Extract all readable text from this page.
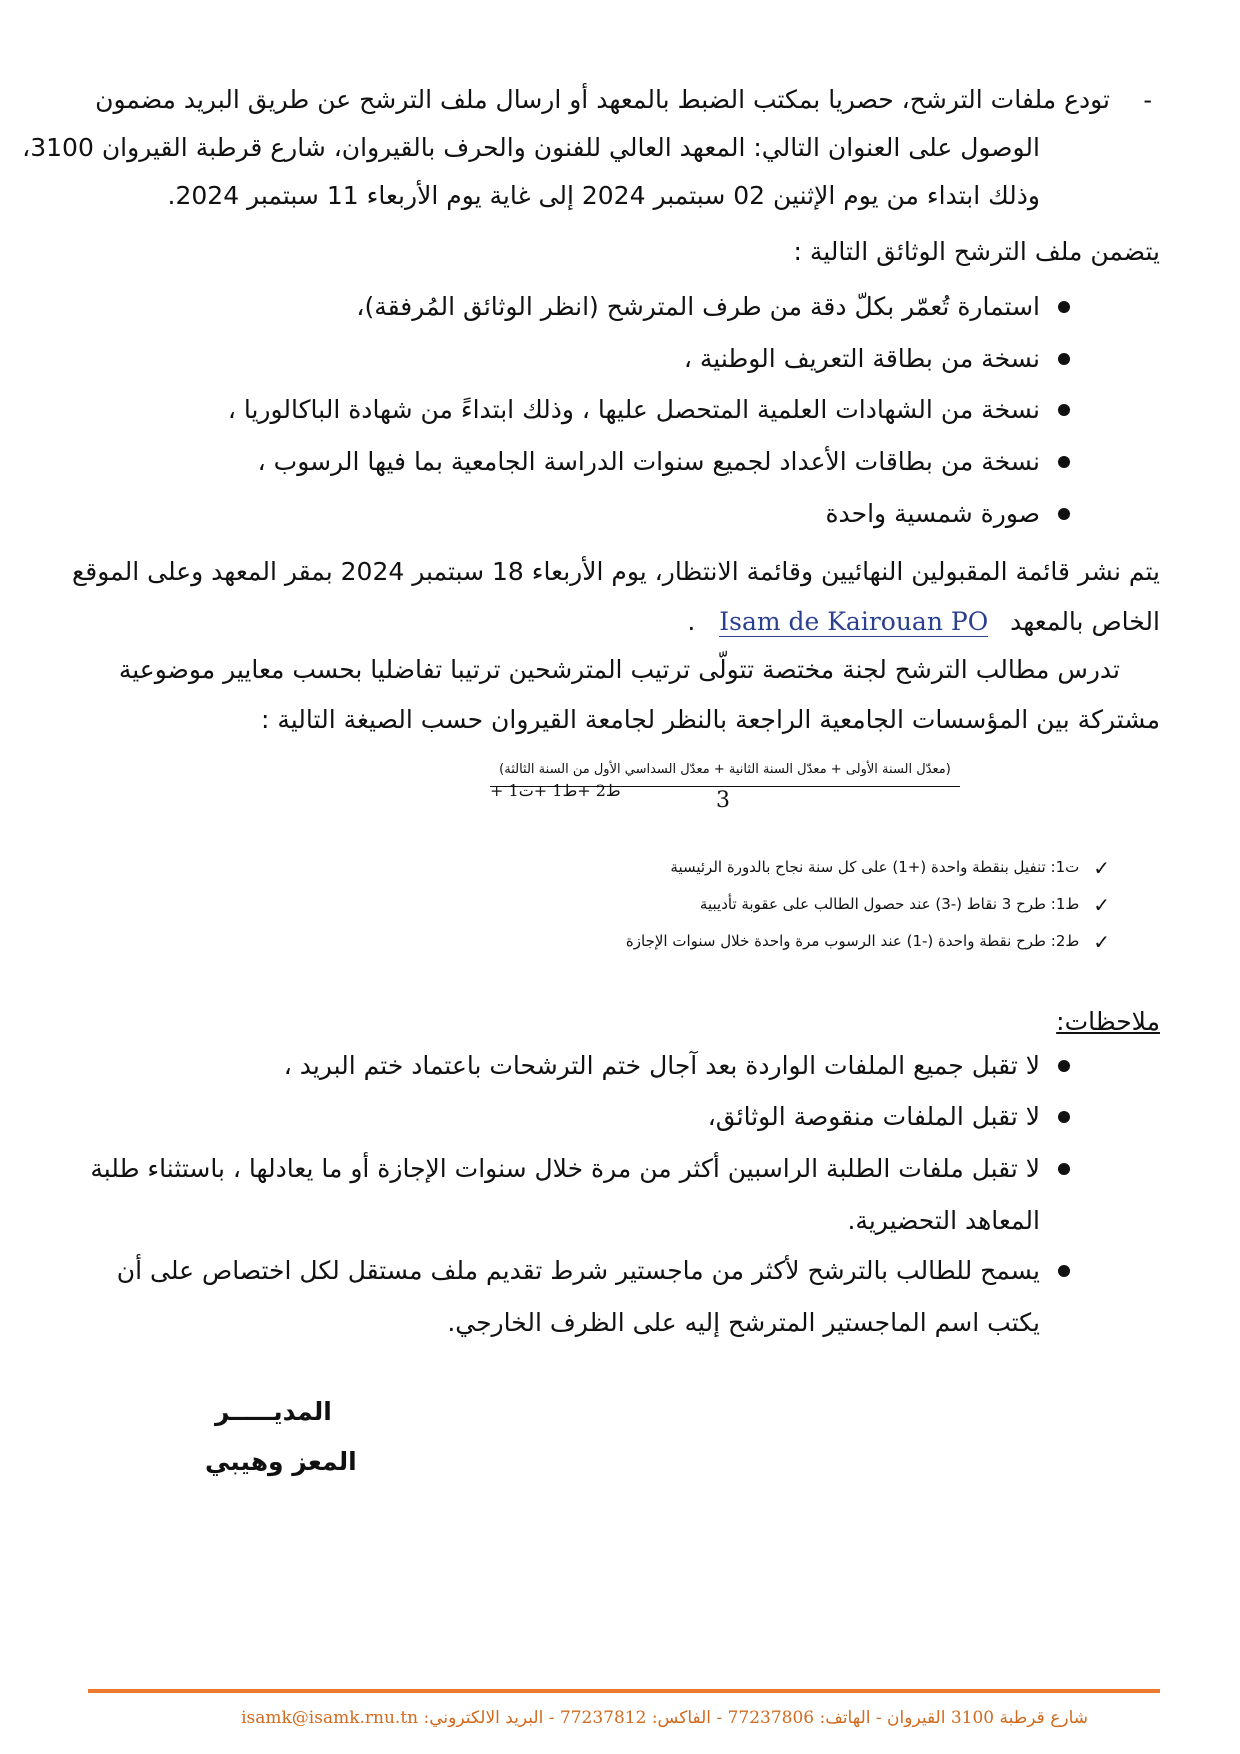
-
تودع ملفات الترشح، حصريا بمكتب الضبط بالمعهد أو ارسال ملف الترشح عن طريق البريد مضمون
الوصول على العنوان التالي: المعهد العالي للفنون والحرف بالقيروان، شارع قرطبة القيروان 3100،
وذلك ابتداء من يوم الإثنين 02 سبتمبر 2024 إلى غاية يوم الأربعاء 11 سبتمبر 2024.
يتضمن ملف الترشح الوثائق التالية :
استمارة تُعمّر بكلّ دقة من طرف المترشح (انظر الوثائق المُرفقة)،
نسخة من بطاقة التعريف الوطنية ،
نسخة من الشهادات العلمية المتحصل عليها ، وذلك ابتداءً من شهادة الباكالوريا ،
نسخة من بطاقات الأعداد لجميع سنوات الدراسة الجامعية بما فيها الرسوب ،
صورة شمسية واحدة
يتم نشر قائمة المقبولين النهائيين وقائمة الانتظار، يوم الأربعاء 18 سبتمبر 2024 بمقر المعهد وعلى الموقع
الخاص بالمعهد Isam de Kairouan PO .
تدرس مطالب الترشح لجنة مختصة تتولّى ترتيب المترشحين ترتيبا تفاضليا بحسب معايير موضوعية
مشتركة بين المؤسسات الجامعية الراجعة بالنظر لجامعة القيروان حسب الصيغة التالية :
(معدّل السنة الأولى + معدّل السنة الثانية + معدّل السداسي الأول من السنة الثالثة)
3
ط2 +ط1 +ت1 +
✓ت1: تنفيل بنقطة واحدة (+1) على كل سنة نجاح بالدورة الرئيسية
✓ط1: طرح 3 نقاط (-3) عند حصول الطالب على عقوبة تأديبية
✓ط2: طرح نقطة واحدة (-1) عند الرسوب مرة واحدة خلال سنوات الإجازة
ملاحظات:
لا تقبل جميع الملفات الواردة بعد آجال ختم الترشحات باعتماد ختم البريد ،
لا تقبل الملفات منقوصة الوثائق،
لا تقبل ملفات الطلبة الراسبين أكثر من مرة خلال سنوات الإجازة أو ما يعادلها ، باستثناء طلبة
المعاهد التحضيرية.
يسمح للطالب بالترشح لأكثر من ماجستير شرط تقديم ملف مستقل لكل اختصاص على أن
يكتب اسم الماجستير المترشح إليه على الظرف الخارجي.
المديـــــر
المعز وهيبي
شارع قرطبة 3100 القيروان - الهاتف: 77237806 - الفاكس: 77237812 - البريد الالكتروني: isamk@isamk.rnu.tn
